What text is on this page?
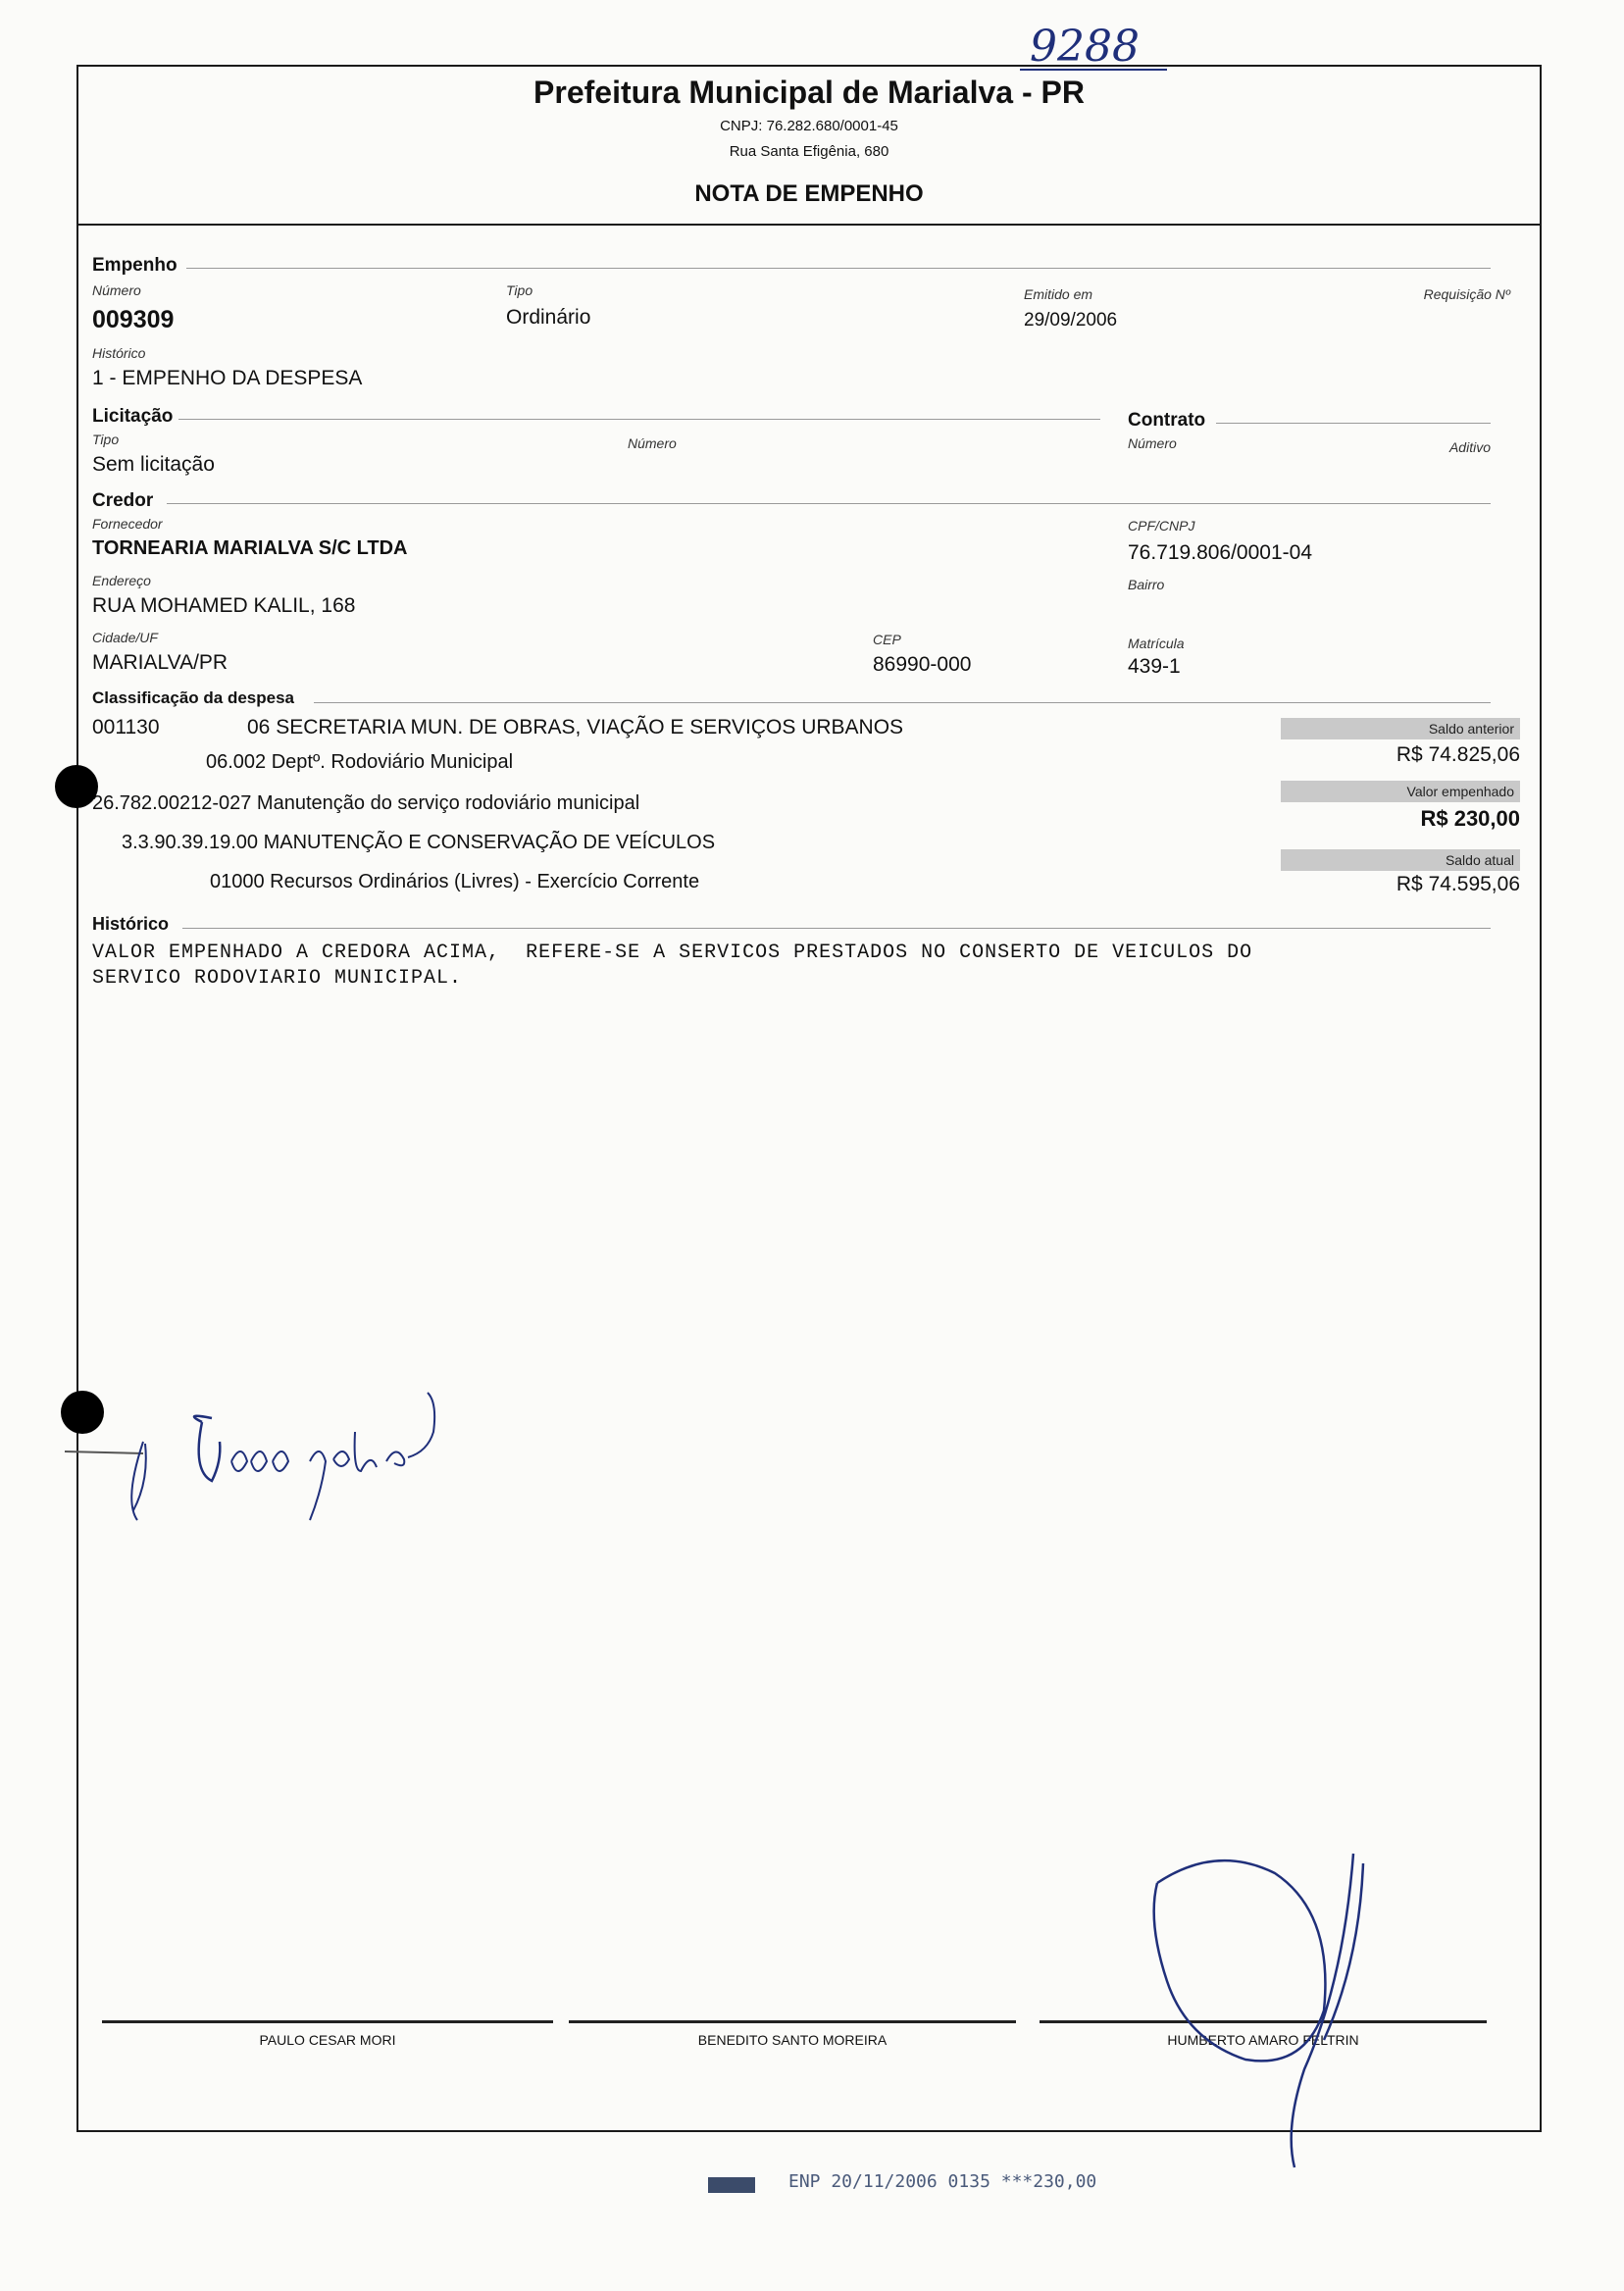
9288
Prefeitura Municipal de Marialva - PR
CNPJ: 76.282.680/0001-45
Rua Santa Efigênia, 680
NOTA DE EMPENHO
Empenho
Número
009309
Tipo
Ordinário
Emitido em
29/09/2006
Requisição Nº
Histórico
1 - EMPENHO DA DESPESA
Licitação
Tipo
Sem licitação
Número
Contrato
Número	Aditivo
Credor
Fornecedor
TORNEARIA MARIALVA S/C LTDA
CPF/CNPJ
76.719.806/0001-04
Endereço
RUA MOHAMED KALIL, 168
Bairro
Cidade/UF
MARIALVA/PR
CEP
86990-000
Matrícula
439-1
Classificação da despesa
001130	06 SECRETARIA MUN. DE OBRAS, VIAÇÃO E SERVIÇOS URBANOS
06.002 Deptº. Rodoviário Municipal
26.782.00212-027 Manutenção do serviço rodoviário municipal
3.3.90.39.19.00 MANUTENÇÃO E CONSERVAÇÃO DE VEÍCULOS
01000 Recursos Ordinários (Livres) - Exercício Corrente
Saldo anterior
R$ 74.825,06
Valor empenhado
R$ 230,00
Saldo atual
R$ 74.595,06
Histórico
VALOR EMPENHADO A CREDORA ACIMA,  REFERE-SE A SERVICOS PRESTADOS NO CONSERTO DE VEICULOS DO
SERVICO RODOVIARIO MUNICIPAL.
PAULO CESAR MORI	BENEDITO SANTO MOREIRA	HUMBERTO AMARO FELTRIN
ENP 20/11/2006 0135 ***230,00
